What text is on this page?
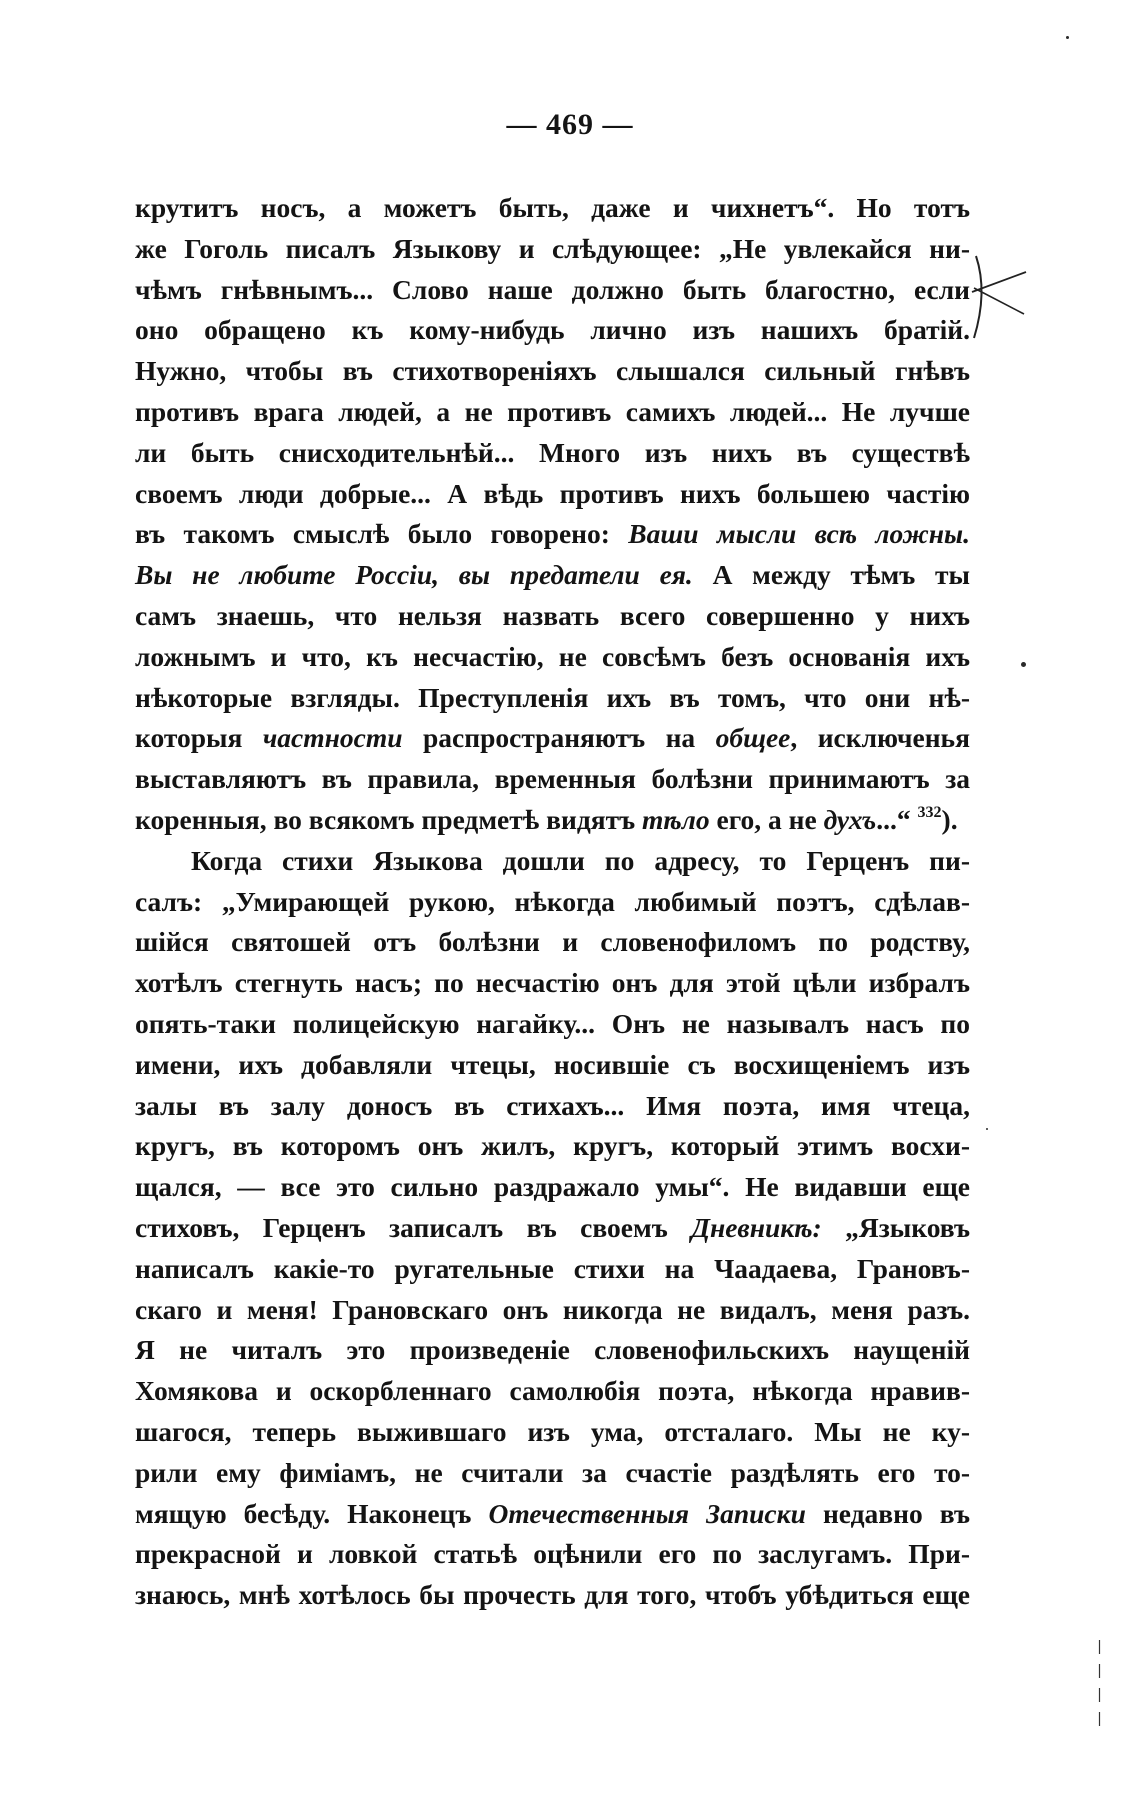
— 469 —
крутитъ носъ, а можетъ быть, даже и чихнетъ“. Но тотъ
же Гоголь писалъ Языкову и слѣдующее: „Не увлекайся ни-
чѣмъ гнѣвнымъ... Слово наше должно быть благостно, если
оно обращено къ кому-нибудь лично изъ нашихъ братій.
Нужно, чтобы въ стихотвореніяхъ слышался сильный гнѣвъ
противъ врага людей, а не противъ самихъ людей... Не лучше
ли быть снисходительнѣй... Много изъ нихъ въ существѣ
своемъ люди добрые... А вѣдь противъ нихъ большею частію
въ такомъ смыслѣ было говорено: Ваши мысли всѣ ложны.
Вы не любите Россіи, вы предатели ея. А между тѣмъ ты
самъ знаешь, что нельзя назвать всего совершенно у нихъ
ложнымъ и что, къ несчастію, не совсѣмъ безъ основанія ихъ
нѣкоторые взгляды. Преступленія ихъ въ томъ, что они нѣ-
которыя частности распространяютъ на общее, исключенья
выставляютъ въ правила, временныя болѣзни принимаютъ за
коренныя, во всякомъ предметѣ видятъ тѣло его, а не духъ...“ $^{332}$).
Когда стихи Языкова дошли по адресу, то Герценъ пи-
салъ: „Умирающей рукою, нѣкогда любимый поэтъ, сдѣлав-
шійся святошей отъ болѣзни и словенофиломъ по родству,
хотѣлъ стегнуть насъ; по несчастію онъ для этой цѣли избралъ
опять-таки полицейскую нагайку... Онъ не называлъ насъ по
имени, ихъ добавляли чтецы, носившіе съ восхищеніемъ изъ
залы въ залу доносъ въ стихахъ... Имя поэта, имя чтеца,
кругъ, въ которомъ онъ жилъ, кругъ, который этимъ восхи-
щался, — все это сильно раздражало умы“. Не видавши еще
стиховъ, Герценъ записалъ въ своемъ Дневникѣ: „Языковъ
написалъ какіе-то ругательные стихи на Чаадаева, Грановъ-
скаго и меня! Грановскаго онъ никогда не видалъ, меня разъ.
Я не читалъ это произведеніе словенофильскихъ наущеній
Хомякова и оскорбленнаго самолюбія поэта, нѣкогда нравив-
шагося, теперь выжившаго изъ ума, отсталаго. Мы не ку-
рили ему фиміамъ, не считали за счастіе раздѣлять его то-
мящую бесѣду. Наконецъ Отечественныя Записки недавно въ
прекрасной и ловкой статьѣ оцѣнили его по заслугамъ. При-
знаюсь, мнѣ хотѣлось бы прочесть для того, чтобъ убѣдиться еще
